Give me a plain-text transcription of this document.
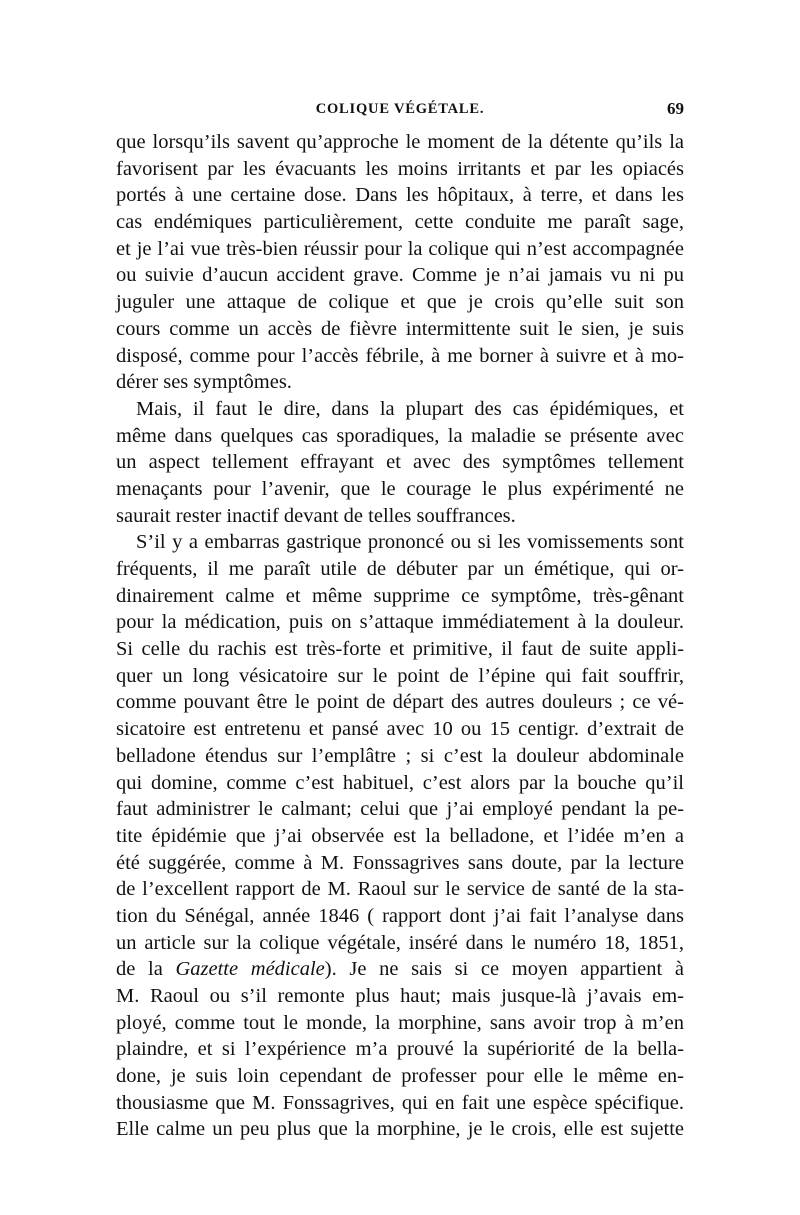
COLIQUE VÉGÉTALE.	69
que lorsqu’ils savent qu’approche le moment de la détente qu’ils la
favorisent par les évacuants les moins irritants et par les opiacés
portés à une certaine dose. Dans les hôpitaux, à terre, et dans les
cas endémiques particulièrement, cette conduite me paraît sage,
et je l’ai vue très-bien réussir pour la colique qui n’est accompagnée
ou suivie d’aucun accident grave. Comme je n’ai jamais vu ni pu
juguler une attaque de colique et que je crois qu’elle suit son
cours comme un accès de fièvre intermittente suit le sien, je suis
disposé, comme pour l’accès fébrile, à me borner à suivre et à mo-
dérer ses symptômes.
Mais, il faut le dire, dans la plupart des cas épidémiques, et
même dans quelques cas sporadiques, la maladie se présente avec
un aspect tellement effrayant et avec des symptômes tellement
menaçants pour l’avenir, que le courage le plus expérimenté ne
saurait rester inactif devant de telles souffrances.
S’il y a embarras gastrique prononcé ou si les vomissements sont
fréquents, il me paraît utile de débuter par un émétique, qui or-
dinairement calme et même supprime ce symptôme, très-gênant
pour la médication, puis on s’attaque immédiatement à la douleur.
Si celle du rachis est très-forte et primitive, il faut de suite appli-
quer un long vésicatoire sur le point de l’épine qui fait souffrir,
comme pouvant être le point de départ des autres douleurs ; ce vé-
sicatoire est entretenu et pansé avec 10 ou 15 centigr. d’extrait de
belladone étendus sur l’emplâtre ; si c’est la douleur abdominale
qui domine, comme c’est habituel, c’est alors par la bouche qu’il
faut administrer le calmant; celui que j’ai employé pendant la pe-
tite épidémie que j’ai observée est la belladone, et l’idée m’en a
été suggérée, comme à M. Fonssagrives sans doute, par la lecture
de l’excellent rapport de M. Raoul sur le service de santé de la sta-
tion du Sénégal, année 1846 ( rapport dont j’ai fait l’analyse dans
un article sur la colique végétale, inséré dans le numéro 18, 1851,
de la Gazette médicale). Je ne sais si ce moyen appartient à
M. Raoul ou s’il remonte plus haut; mais jusque-là j’avais em-
ployé, comme tout le monde, la morphine, sans avoir trop à m’en
plaindre, et si l’expérience m’a prouvé la supériorité de la bella-
done, je suis loin cependant de professer pour elle le même en-
thousiasme que M. Fonssagrives, qui en fait une espèce spécifique.
Elle calme un peu plus que la morphine, je le crois, elle est sujette
